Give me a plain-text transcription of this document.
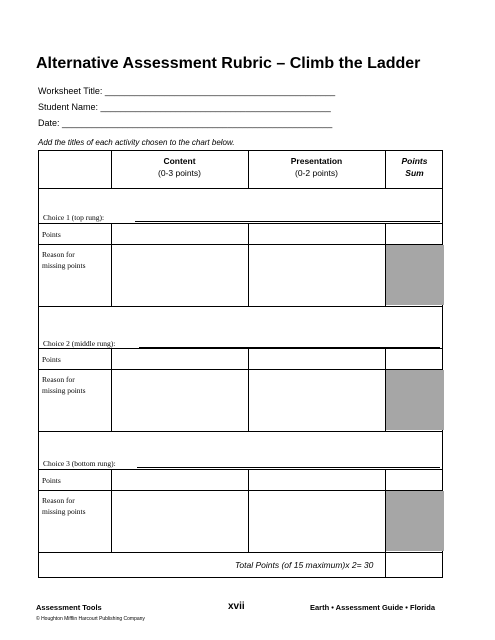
Alternative Assessment Rubric – Climb the Ladder
Worksheet Title: ______________________________________________
Student Name: ______________________________________________
Date: ______________________________________________________
Add the titles of each activity chosen to the chart below.
Content
(0-3 points)
Presentation
(0-2 points)
Points
Sum
Choice 1 (top rung):
Points
Reason for
missing points
Choice 2 (middle rung):
Points
Reason for
missing points
Choice 3 (bottom rung):
Points
Reason for
missing points
Total Points (of 15 maximum)x 2= 30
Assessment Tools	xvii	Earth • Assessment Guide • Florida
© Houghton Mifflin Harcourt Publishing Company
